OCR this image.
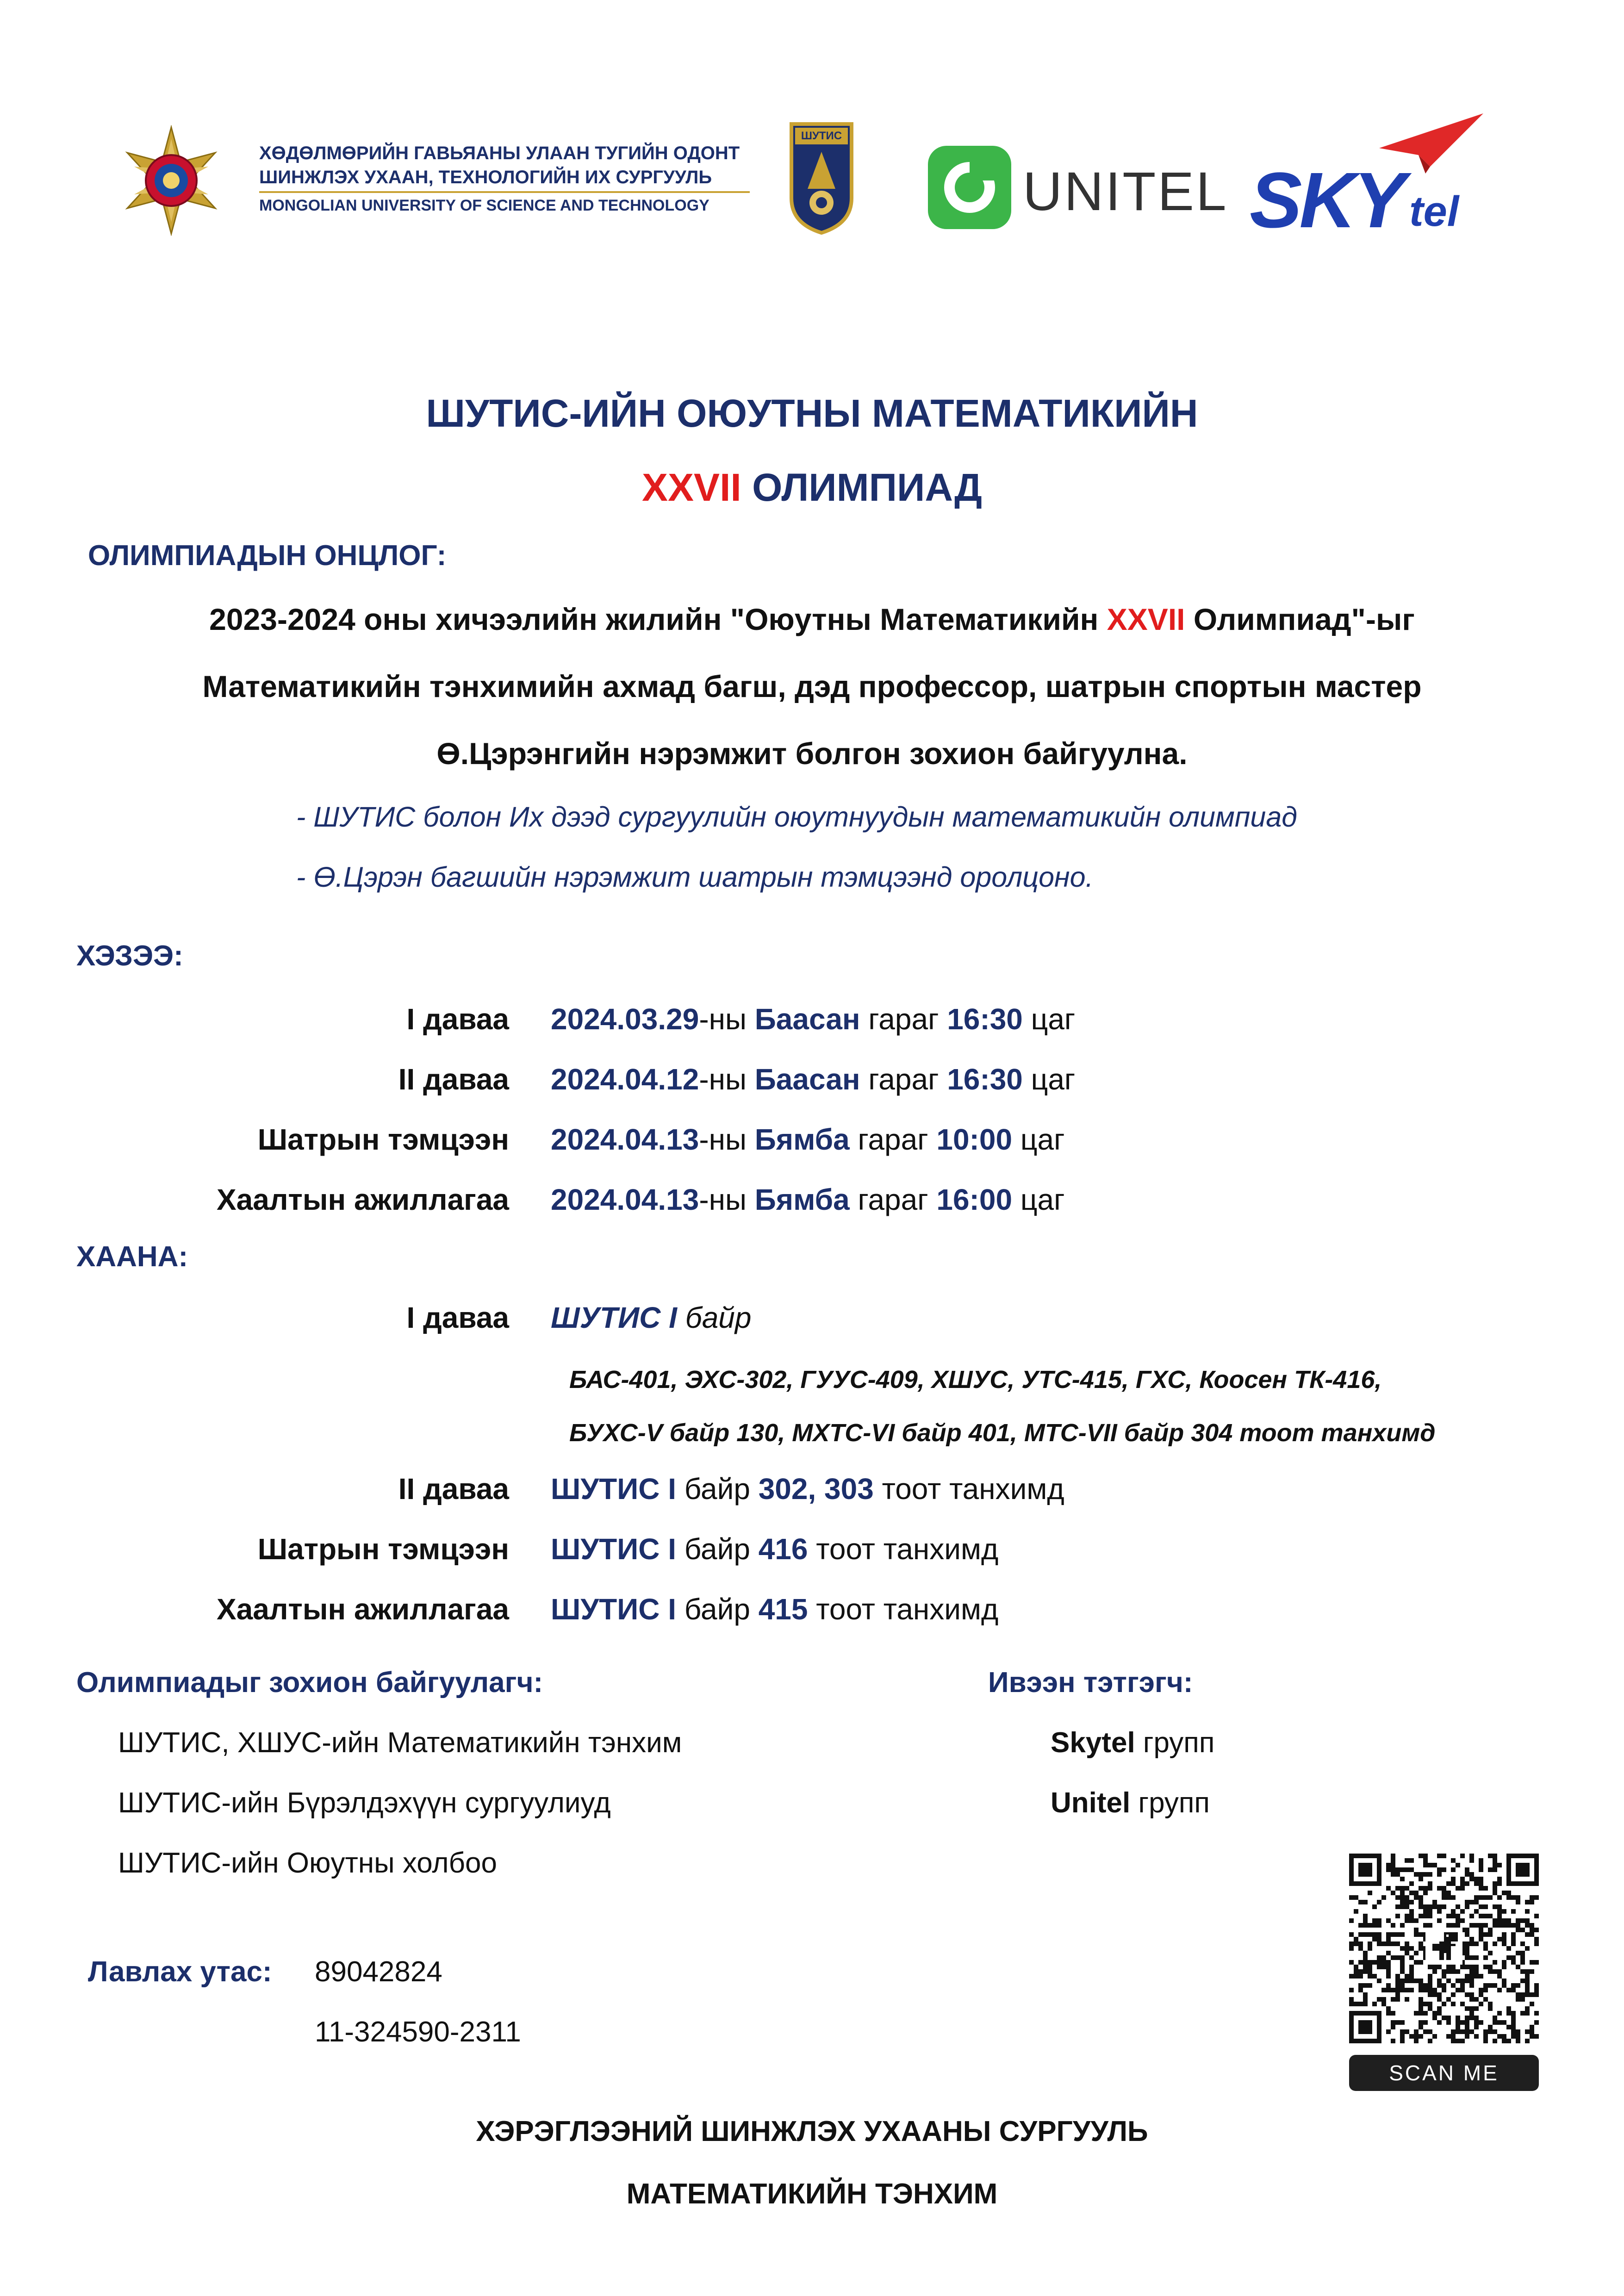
ХӨДӨЛМӨРИЙН ГАВЬЯАНЫ УЛААН ТУГИЙН ОДОНТ
ШИНЖЛЭХ УХААН, ТЕХНОЛОГИЙН ИХ СУРГУУЛЬ
MONGOLIAN UNIVERSITY OF SCIENCE AND TECHNOLOGY
ШУТИС
UNITEL SKY tel
ШУТИС-ИЙН ОЮУТНЫ МАТЕМАТИКИЙН
XXVII ОЛИМПИАД
ОЛИМПИАДЫН ОНЦЛОГ:
2023-2024 оны хичээлийн жилийн "Оюутны Математикийн XXVII Олимпиад"-ыг
Математикийн тэнхимийн ахмад багш, дэд профессор, шатрын спортын мастер
Ө.Цэрэнгийн нэрэмжит болгон зохион байгуулна.
- ШУТИС болон Их дээд сургуулийн оюутнуудын математикийн олимпиад
- Ө.Цэрэн багшийн нэрэмжит шатрын тэмцээнд оролцоно.
ХЭЗЭЭ:
I даваа 2024.03.29-ны Баасан гараг 16:30 цаг
II даваа 2024.04.12-ны Баасан гараг 16:30 цаг
Шатрын тэмцээн 2024.04.13-ны Бямба гараг 10:00 цаг
Хаалтын ажиллагаа 2024.04.13-ны Бямба гараг 16:00 цаг
ХААНА:
I даваа ШУТИС I байр
БАС-401, ЭХС-302, ГУУС-409, ХШУС, УТС-415, ГХС, Коосен ТК-416,
БУХС-V байр 130, МХТС-VI байр 401, МТС-VII байр 304 тоот танхимд
II даваа ШУТИС I байр 302, 303 тоот танхимд
Шатрын тэмцээн ШУТИС I байр 416 тоот танхимд
Хаалтын ажиллагаа ШУТИС I байр 415 тоот танхимд
Олимпиадыг зохион байгуулагч:
ШУТИС, ХШУС-ийн Математикийн тэнхим
ШУТИС-ийн Бүрэлдэхүүн сургуулиуд
ШУТИС-ийн Оюутны холбоо
Ивээн тэтгэгч:
Skytel групп
Unitel групп
Лавлах утас: 89042824
11-324590-2311
SCAN ME
ХЭРЭГЛЭЭНИЙ ШИНЖЛЭХ УХААНЫ СУРГУУЛЬ
МАТЕМАТИКИЙН ТЭНХИМ
